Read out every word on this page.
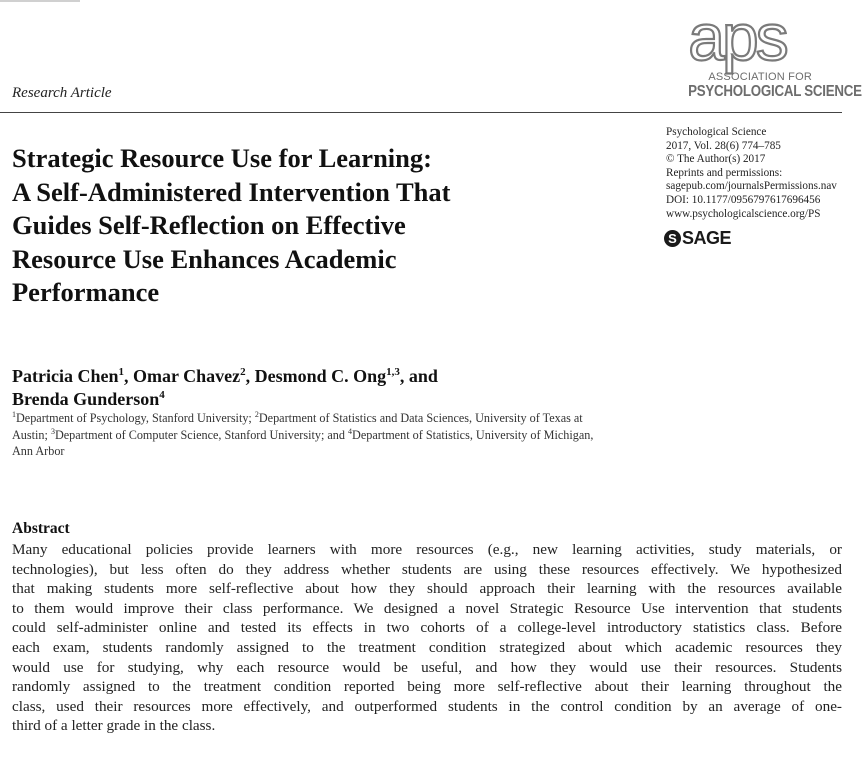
aps
ASSOCIATION FOR
PSYCHOLOGICAL SCIENCE
Research Article
Strategic Resource Use for Learning:
A Self-Administered Intervention That
Guides Self-Reflection on Effective
Resource Use Enhances Academic
Performance
Psychological Science
2017, Vol. 28(6) 774–785
© The Author(s) 2017
Reprints and permissions:
sagepub.com/journalsPermissions.nav
DOI: 10.1177/0956797617696456
www.psychologicalscience.org/PS
S SAGE
Patricia Chen$^1$, Omar Chavez$^2$, Desmond C. Ong$^{1,3}$, and
Brenda Gunderson$^4$
$^1$Department of Psychology, Stanford University; $^2$Department of Statistics and Data Sciences, University of Texas at Austin; $^3$Department of Computer Science, Stanford University; and $^4$Department of Statistics, University of Michigan, Ann Arbor
Abstract
Many educational policies provide learners with more resources (e.g., new learning activities, study materials, or
technologies), but less often do they address whether students are using these resources effectively. We hypothesized
that making students more self-reflective about how they should approach their learning with the resources available
to them would improve their class performance. We designed a novel Strategic Resource Use intervention that students
could self-administer online and tested its effects in two cohorts of a college-level introductory statistics class. Before
each exam, students randomly assigned to the treatment condition strategized about which academic resources they
would use for studying, why each resource would be useful, and how they would use their resources. Students
randomly assigned to the treatment condition reported being more self-reflective about their learning throughout the
class, used their resources more effectively, and outperformed students in the control condition by an average of one-
third of a letter grade in the class.
